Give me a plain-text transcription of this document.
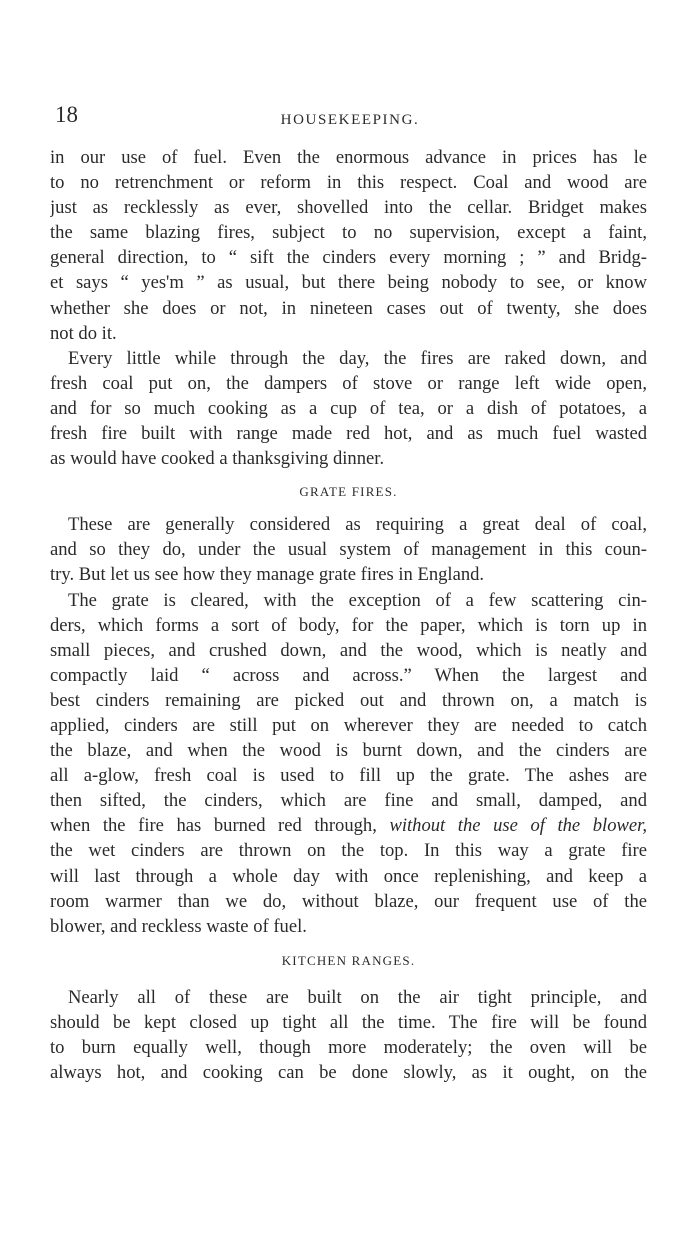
18	HOUSEKEEPING.
in our use of fuel. Even the enormous advance in prices has le
to no retrenchment or reform in this respect. Coal and wood are
just as recklessly as ever, shovelled into the cellar. Bridget makes
the same blazing fires, subject to no supervision, except a faint,
general direction, to “ sift the cinders every morning ; ” and Bridg-
et says “ yes'm ” as usual, but there being nobody to see, or know
whether she does or not, in nineteen cases out of twenty, she does
not do it.
Every little while through the day, the fires are raked down, and
fresh coal put on, the dampers of stove or range left wide open,
and for so much cooking as a cup of tea, or a dish of potatoes, a
fresh fire built with range made red hot, and as much fuel wasted
as would have cooked a thanksgiving dinner.
GRATE FIRES.
These are generally considered as requiring a great deal of coal,
and so they do, under the usual system of management in this coun-
try. But let us see how they manage grate fires in England.
The grate is cleared, with the exception of a few scattering cin-
ders, which forms a sort of body, for the paper, which is torn up in
small pieces, and crushed down, and the wood, which is neatly and
compactly laid “ across and across.” When the largest and
best cinders remaining are picked out and thrown on, a match is
applied, cinders are still put on wherever they are needed to catch
the blaze, and when the wood is burnt down, and the cinders are
all a-glow, fresh coal is used to fill up the grate. The ashes are
then sifted, the cinders, which are fine and small, damped, and
when the fire has burned red through, without the use of the blower,
the wet cinders are thrown on the top. In this way a grate fire
will last through a whole day with once replenishing, and keep a
room warmer than we do, without blaze, our frequent use of the
blower, and reckless waste of fuel.
KITCHEN RANGES.
Nearly all of these are built on the air tight principle, and
should be kept closed up tight all the time. The fire will be found
to burn equally well, though more moderately; the oven will be
always hot, and cooking can be done slowly, as it ought, on the
